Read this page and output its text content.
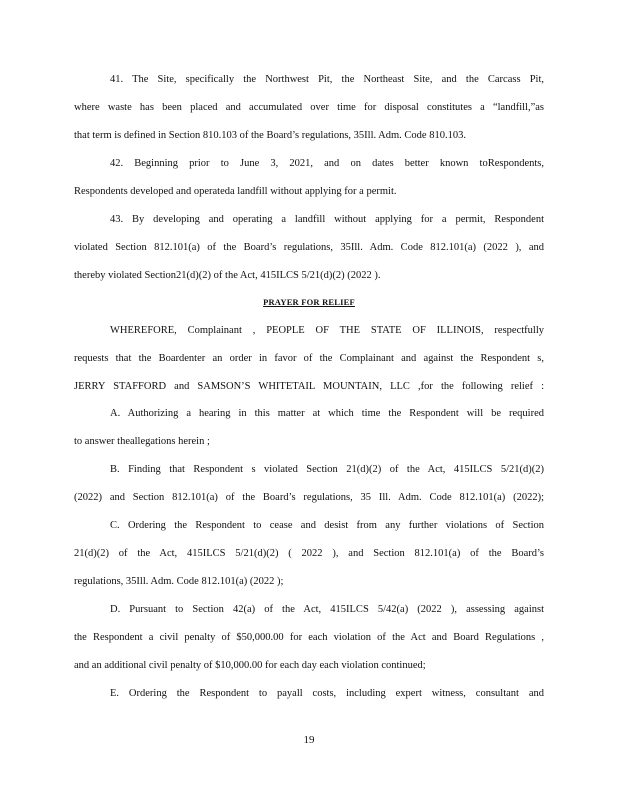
41. The Site, specifically the Northwest Pit, the Northeast Site, and the Carcass Pit,
where waste has been placed and accumulated over time for disposal constitutes a “landfill,”as
that term is defined in Section 810.103 of the Board’s regulations, 35Ill. Adm. Code 810.103.
42. Beginning prior to June 3, 2021, and on dates better known toRespondents,
Respondents developed and operateda landfill without applying for a permit.
43. By developing and operating a landfill without applying for a permit, Respondent
violated Section 812.101(a) of the Board’s regulations, 35Ill. Adm. Code 812.101(a) (2022 ), and
thereby violated Section21(d)(2) of the Act, 415ILCS 5/21(d)(2) (2022 ).
WHEREFORE, Complainant , PEOPLE OF THE STATE OF ILLINOIS, respectfully
requests that the Boardenter an order in favor of the Complainant and against the Respondent s,
JERRY STAFFORD and SAMSON’S WHITETAIL MOUNTAIN, LLC ,for the following relief :
A. Authorizing a hearing in this matter at which time the Respondent will be required
to answer theallegations herein ;
B. Finding that Respondent s violated Section 21(d)(2) of the Act, 415ILCS 5/21(d)(2)
(2022) and Section 812.101(a) of the Board’s regulations, 35 Ill. Adm. Code 812.101(a) (2022);
C. Ordering the Respondent to cease and desist from any further violations of Section
21(d)(2) of the Act, 415ILCS 5/21(d)(2) ( 2022 ), and Section 812.101(a) of the Board’s
regulations, 35Ill. Adm. Code 812.101(a) (2022 );
D. Pursuant to Section 42(a) of the Act, 415ILCS 5/42(a) (2022 ), assessing against
the Respondent a civil penalty of $50,000.00 for each violation of the Act and Board Regulations ,
and an additional civil penalty of $10,000.00 for each day each violation continued;
E. Ordering the Respondent to payall costs, including expert witness, consultant and
PRAYER FOR RELIEF
19
